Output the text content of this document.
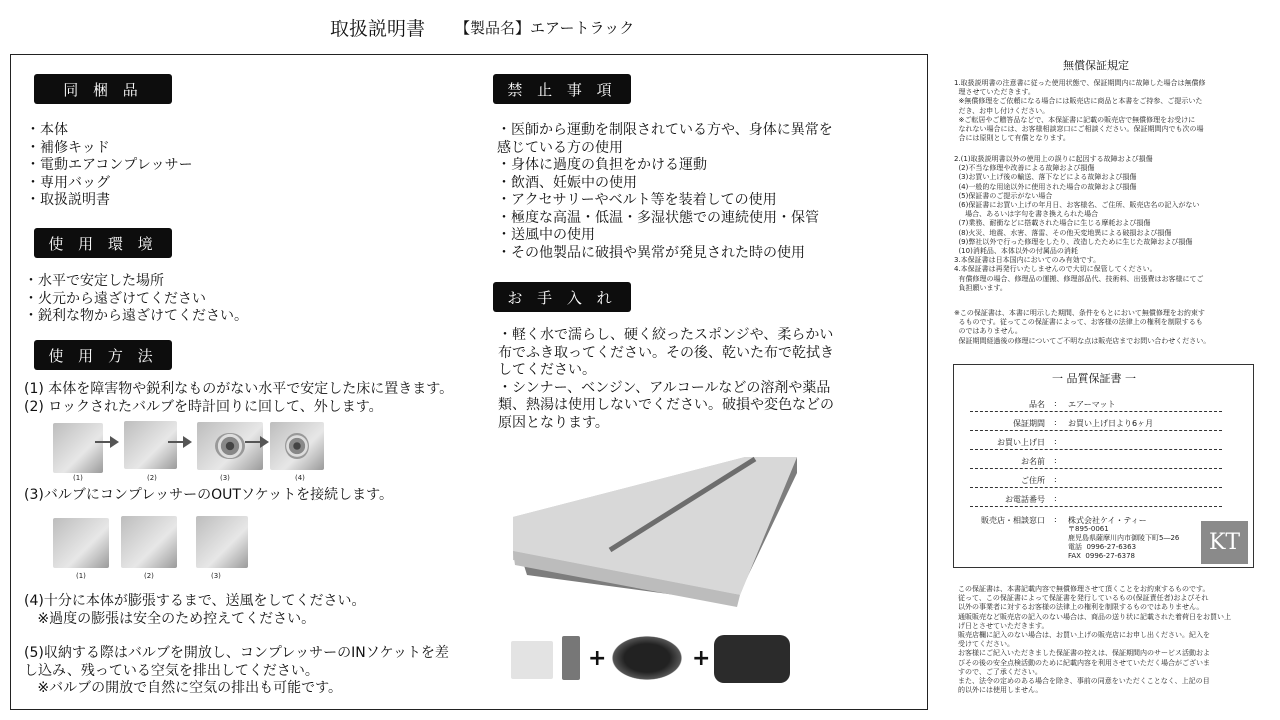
取扱説明書 【製品名】エアートラック
同 梱 品
・本体
・補修キッド
・電動エアコンプレッサー
・専用バッグ
・取扱説明書
使 用 環 境
・水平で安定した場所
・火元から遠ざけてください
・鋭利な物から遠ざけてください。
使 用 方 法
(1) 本体を障害物や鋭利なものがない水平で安定した床に置きます。
(2) ロックされたバルブを時計回りに回して、外します。
(1)	(2)	(3)	(4)
(3)バルブにコンプレッサーのOUTソケットを接続します。
(1)	(2)	(3)
(4)十分に本体が膨張するまで、送風をしてください。
※過度の膨張は安全のため控えてください。
(5)収納する際はバルブを開放し、コンプレッサーのINソケットを差
し込み、残っている空気を排出してください。
※バルブの開放で自然に空気の排出も可能です。
禁 止 事 項
・医師から運動を制限されている方や、身体に異常を
感じている方の使用
・身体に過度の負担をかける運動
・飲酒、妊娠中の使用
・アクセサリーやベルト等を装着しての使用
・極度な高温・低温・多湿状態での連続使用・保管
・送風中の使用
・その他製品に破損や異常が発見された時の使用
お 手 入 れ
・軽く水で濡らし、硬く絞ったスポンジや、柔らかい
布でふき取ってください。その後、乾いた布で乾拭き
してください。
・シンナー、ベンジン、アルコールなどの溶剤や薬品
類、熱湯は使用しないでください。破損や変色などの
原因となります。
+	+
無償保証規定
1.取扱説明書の注意書に従った使用状態で、保証期間内に故障した場合は無償修
理させていただきます。
※無償修理をご依頼になる場合には販売店に商品と本書をご持参、ご提示いた
だき、お申し付けください。
※ご転居やご贈答品などで、本保証書に記載の販売店で無償修理をお受けに
なれない場合には、お客様相談窓口にご相談ください。保証期間内でも次の場
合には原則として有償となります。
2.(1)取扱説明書以外の使用上の誤りに起因する故障および損傷
(2)不当な修理や改善による故障および損傷
(3)お買い上げ後の輸送、落下などによる故障および損傷
(4)一般的な用途以外に使用された場合の故障および損傷
(5)保証書のご提示がない場合
(6)保証書にお買い上げの年月日、お客様名、ご住所、販売店名の記入がない
場合、あるいは字句を書き換えられた場合
(7)業務、耐衝などに搭載された場合に生じる摩耗および損傷
(8)火災、地震、水害、落雷、その他天変地異による破損および損傷
(9)弊社以外で行った修理をしたり、改造したために生じた故障および損傷
(10)消耗品、本体以外の付属品の消耗
3.本保証書は日本国内においてのみ有効です。
4.本保証書は再発行いたしませんので大切に保管してください。
有償修理の場合、修理品の運搬、修理部品代、技術料、出張費はお客様にてご
負担願います。
※この保証書は、本書に明示した期間、条件をもとにおいて無償修理をお約束す
るものです。従ってこの保証書によって、お客様の法律上の権利を制限するも
のではありません。
保証期間経過後の修理についてご不明な点は販売店までお問い合わせください。
一 品質保証書 一
品名 : エアーマット
保証期間 : お買い上げ日より6ヶ月
お買い上げ日 :
お名前 :
ご住所 :
お電話番号 :
販売店・相談窓口 : 株式会社ケイ・ティー
〒895-0061
鹿児島県薩摩川内市御陵下町5―26
電話  0996-27-6363
FAX  0996-27-6378
KT
この保証書は、本書記載内容で無償修理させて頂くことをお約束するものです。
従って、この保証書によって保証書を発行しているもの(保証責任者)およびそれ
以外の事業者に対するお客様の法律上の権利を制限するものではありません。
通販販売など販売店の記入のない場合は、商品の送り状に記載された着荷日をお買い上
げ日とさせていただきます。
販売店欄に記入のない場合は、お買い上げの販売店にお申し出ください。紀入を
受けてください。
お客様にご紀入いただきました保証書の控えは、保証期間内のサービス活動およ
びその後の安全点検活動のために紀載内容を利用させていただく場合がございま
すので、ご了承ください。
また、法令の定めのある場合を除き、事前の同意をいただくことなく、上記の目
的以外には使用しません。
